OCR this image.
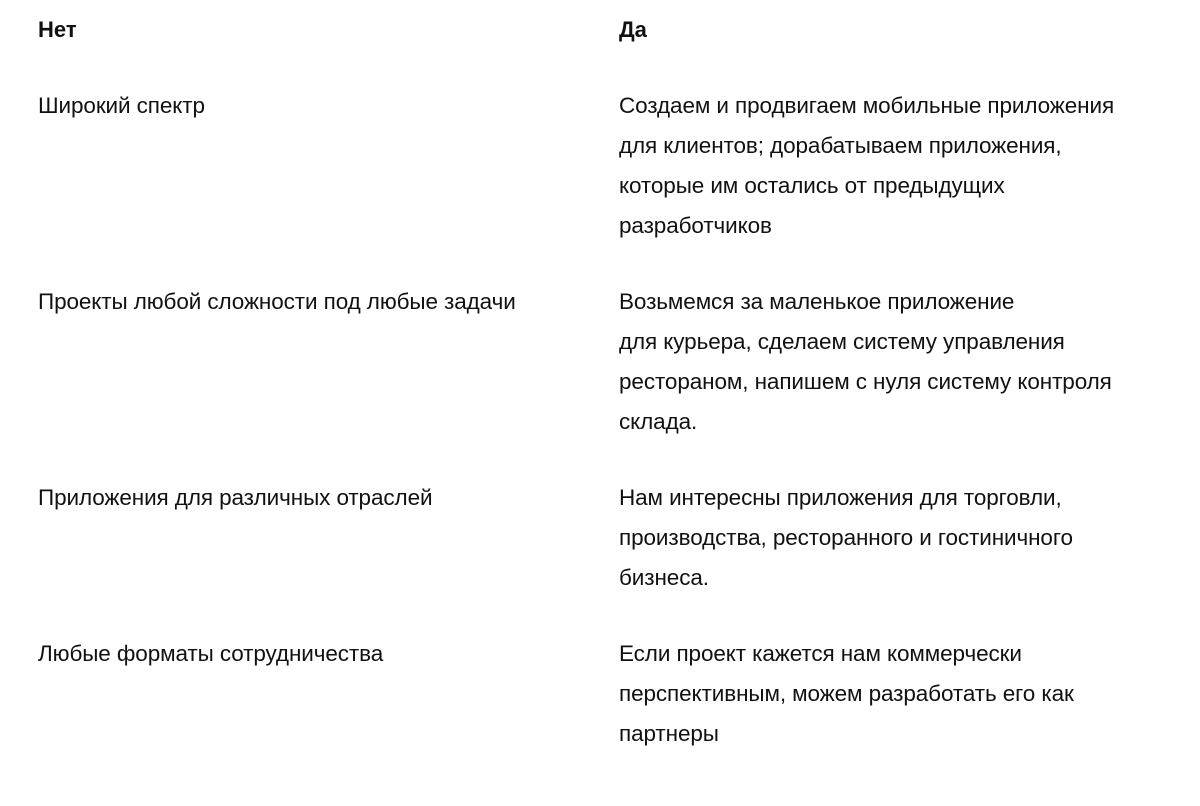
Нет	Да
Широкий спектр	Создаем и продвигаем мобильные приложения
для клиентов; дорабатываем приложения,
которые им остались от предыдущих
разработчиков
Проекты любой сложности под любые задачи	Возьмемся за маленькое приложение
для курьера, сделаем систему управления
рестораном, напишем с нуля систему контроля
склада.
Приложения для различных отраслей	Нам интересны приложения для торговли,
производства, ресторанного и гостиничного
бизнеса.
Любые форматы сотрудничества	Если проект кажется нам коммерчески
перспективным, можем разработать его как
партнеры
